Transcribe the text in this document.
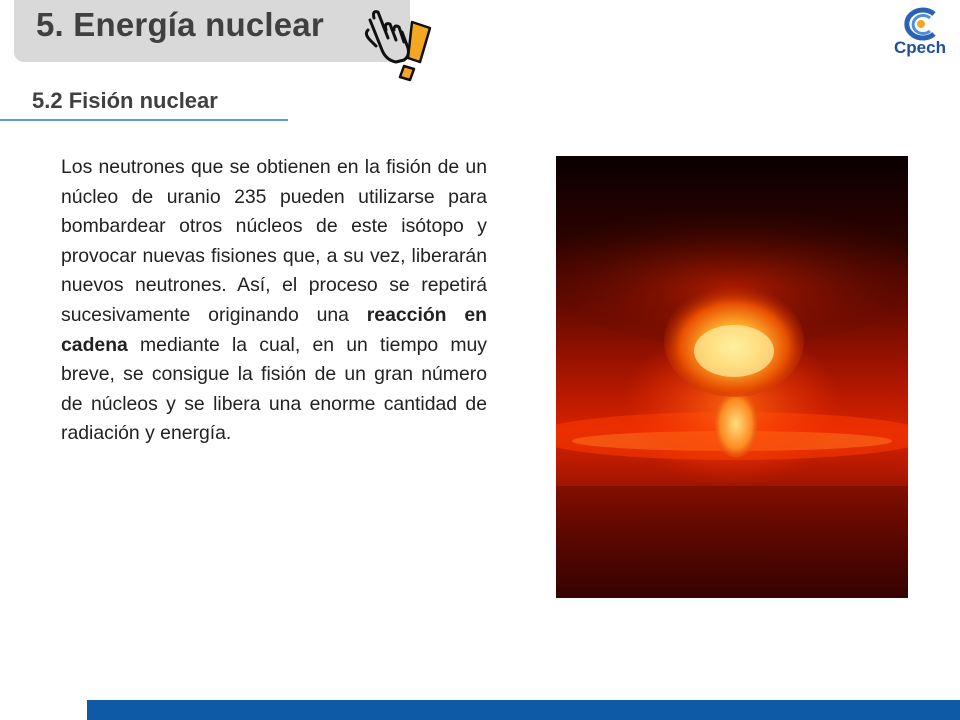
5. Energía nuclear
Cpech
5.2 Fisión nuclear
Los neutrones que se obtienen en la fisión de un núcleo de uranio 235 pueden utilizarse para bombardear otros núcleos de este isótopo y provocar nuevas fisiones que, a su vez, liberarán nuevos neutrones. Así, el proceso se repetirá sucesivamente originando una reacción en cadena mediante la cual, en un tiempo muy breve, se consigue la fisión de un gran número de núcleos y se libera una enorme cantidad de radiación y energía.
